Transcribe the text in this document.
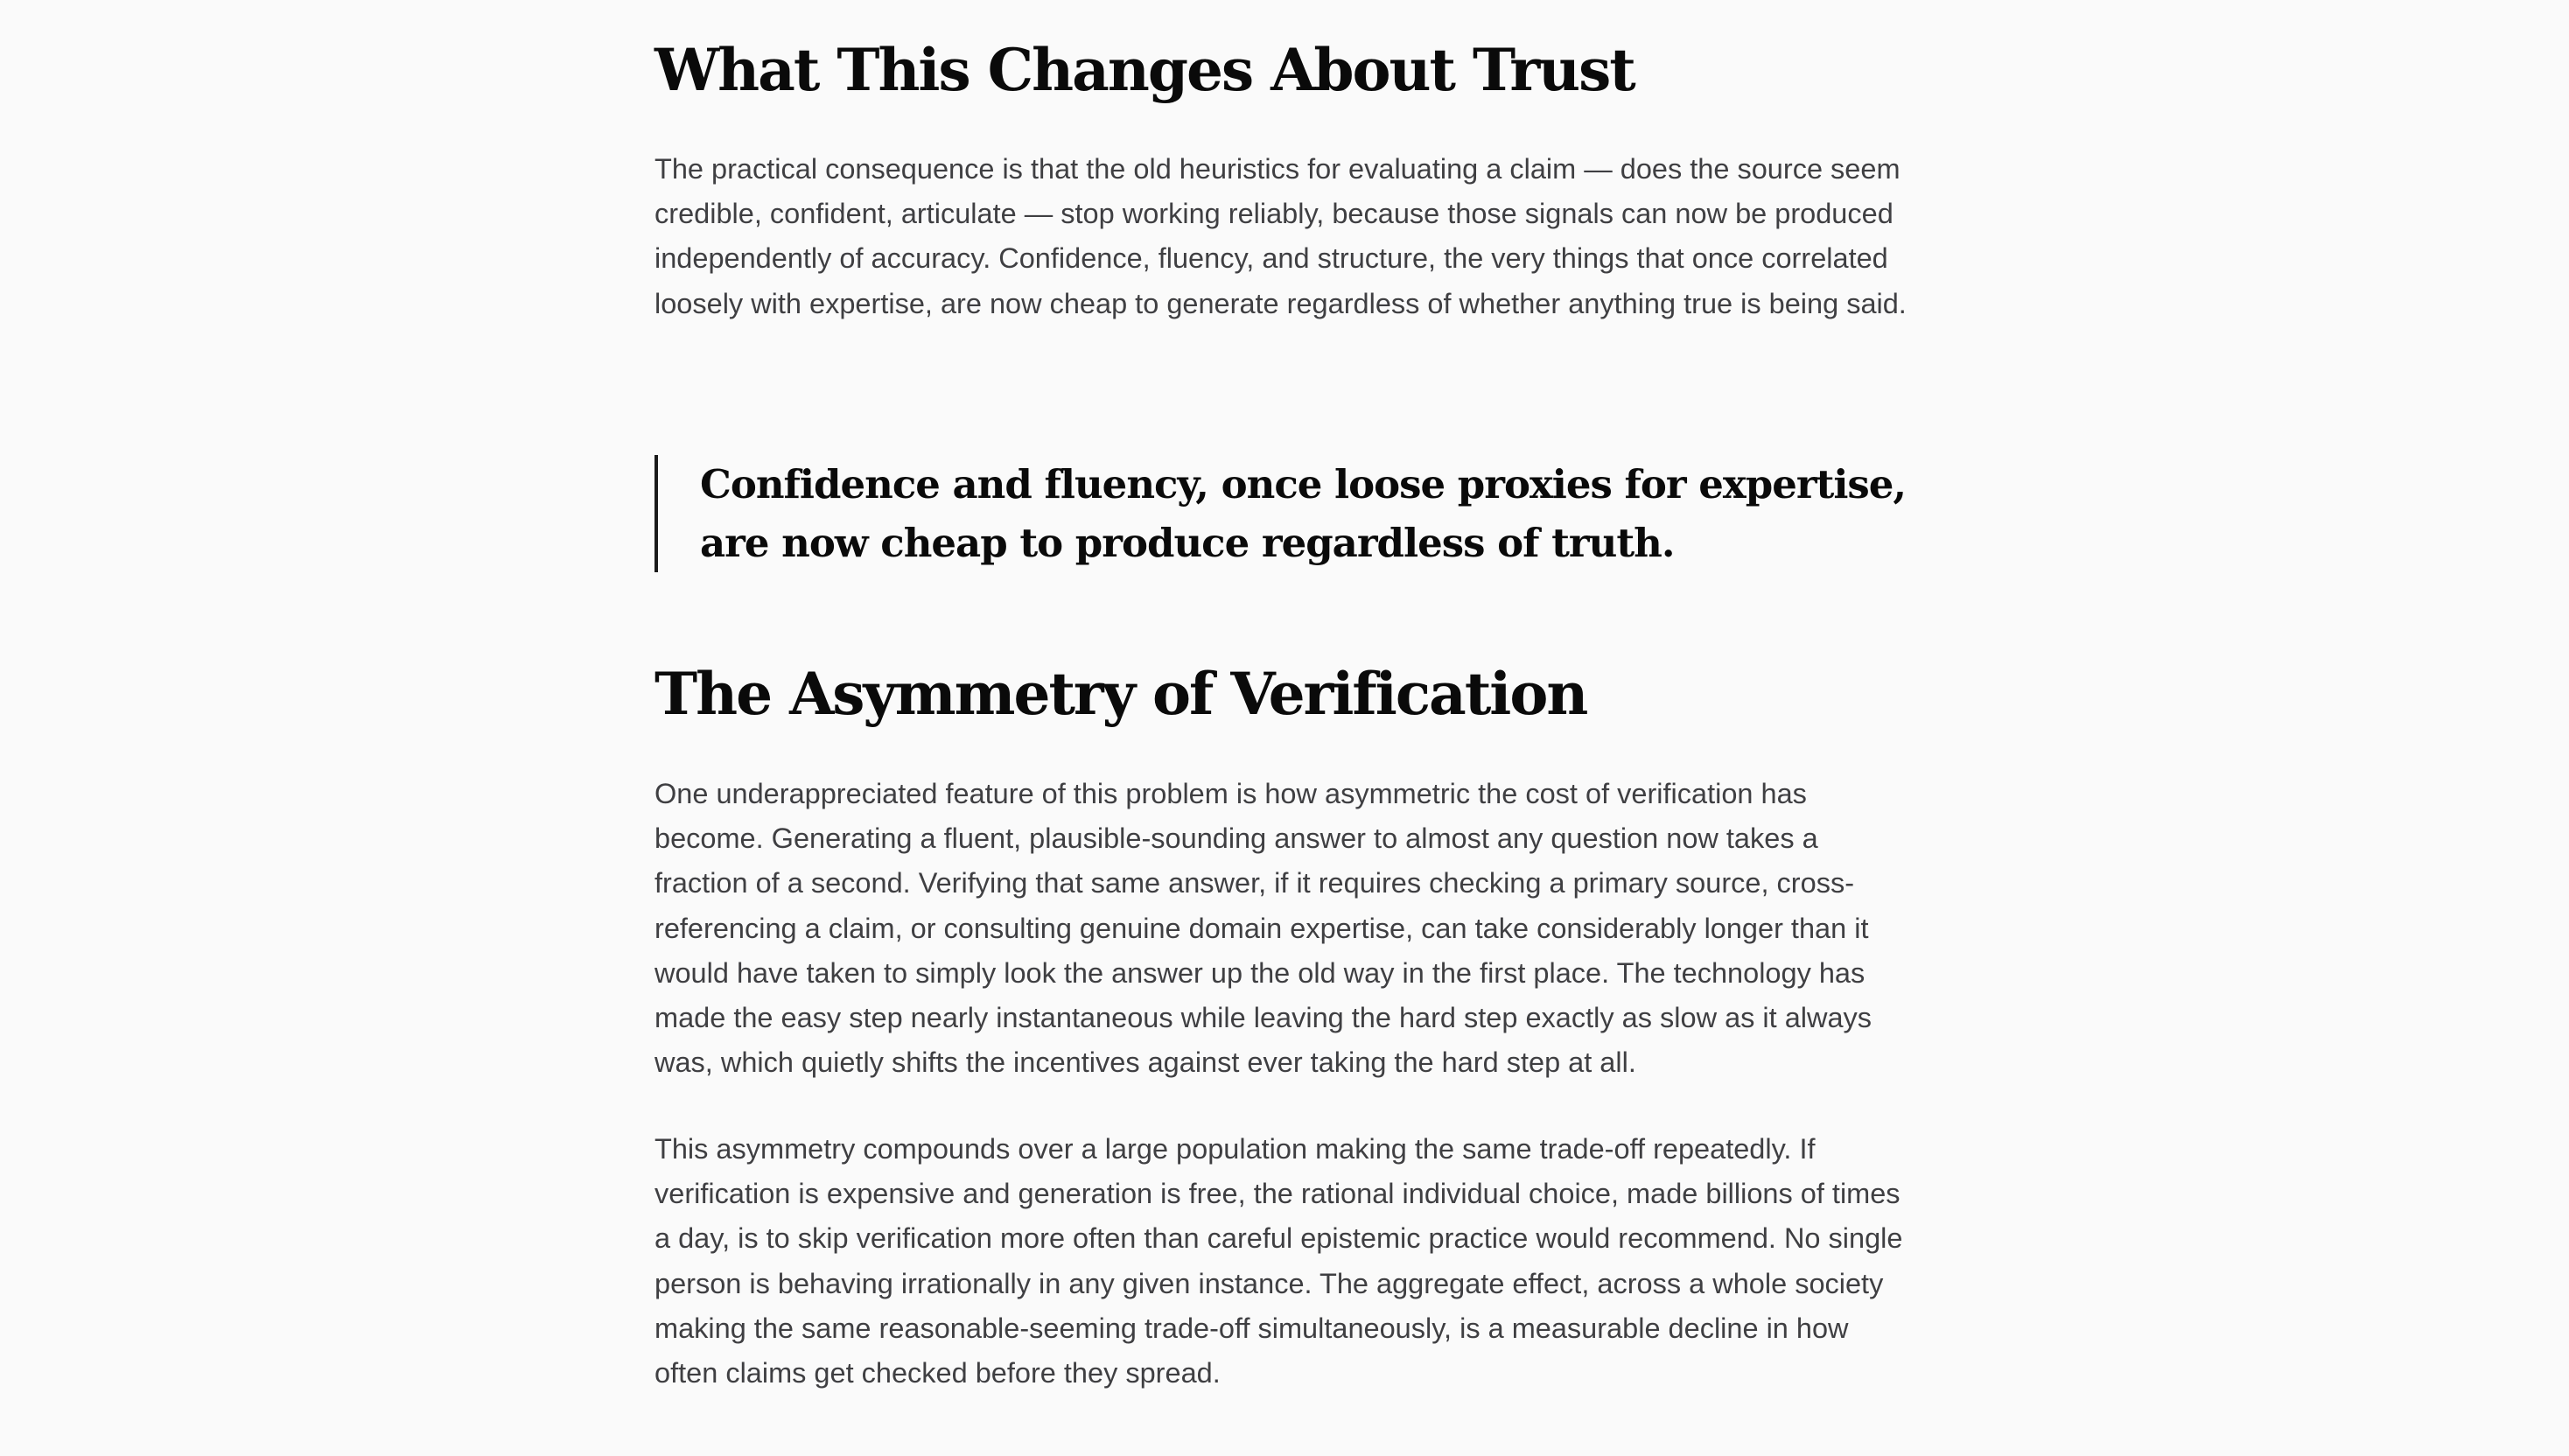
What This Changes About Trust

The practical consequence is that the old heuristics for evaluating a claim — does the source seem credible, confident, articulate — stop working reliably, because those signals can now be produced independently of accuracy. Confidence, fluency, and structure, the very things that once correlated loosely with expertise, are now cheap to generate regardless of whether anything true is being said.

Confidence and fluency, once loose proxies for expertise, are now cheap to produce regardless of truth.
The Asymmetry of Verification

One underappreciated feature of this problem is how asymmetric the cost of verification has become. Generating a fluent, plausible-sounding answer to almost any question now takes a fraction of a second. Verifying that same answer, if it requires checking a primary source, cross-referencing a claim, or consulting genuine domain expertise, can take considerably longer than it would have taken to simply look the answer up the old way in the first place. The technology has made the easy step nearly instantaneous while leaving the hard step exactly as slow as it always was, which quietly shifts the incentives against ever taking the hard step at all.

This asymmetry compounds over a large population making the same trade-off repeatedly. If verification is expensive and generation is free, the rational individual choice, made billions of times a day, is to skip verification more often than careful epistemic practice would recommend. No single person is behaving irrationally in any given instance. The aggregate effect, across a whole society making the same reasonable-seeming trade-off simultaneously, is a measurable decline in how often claims get checked before they spread.
